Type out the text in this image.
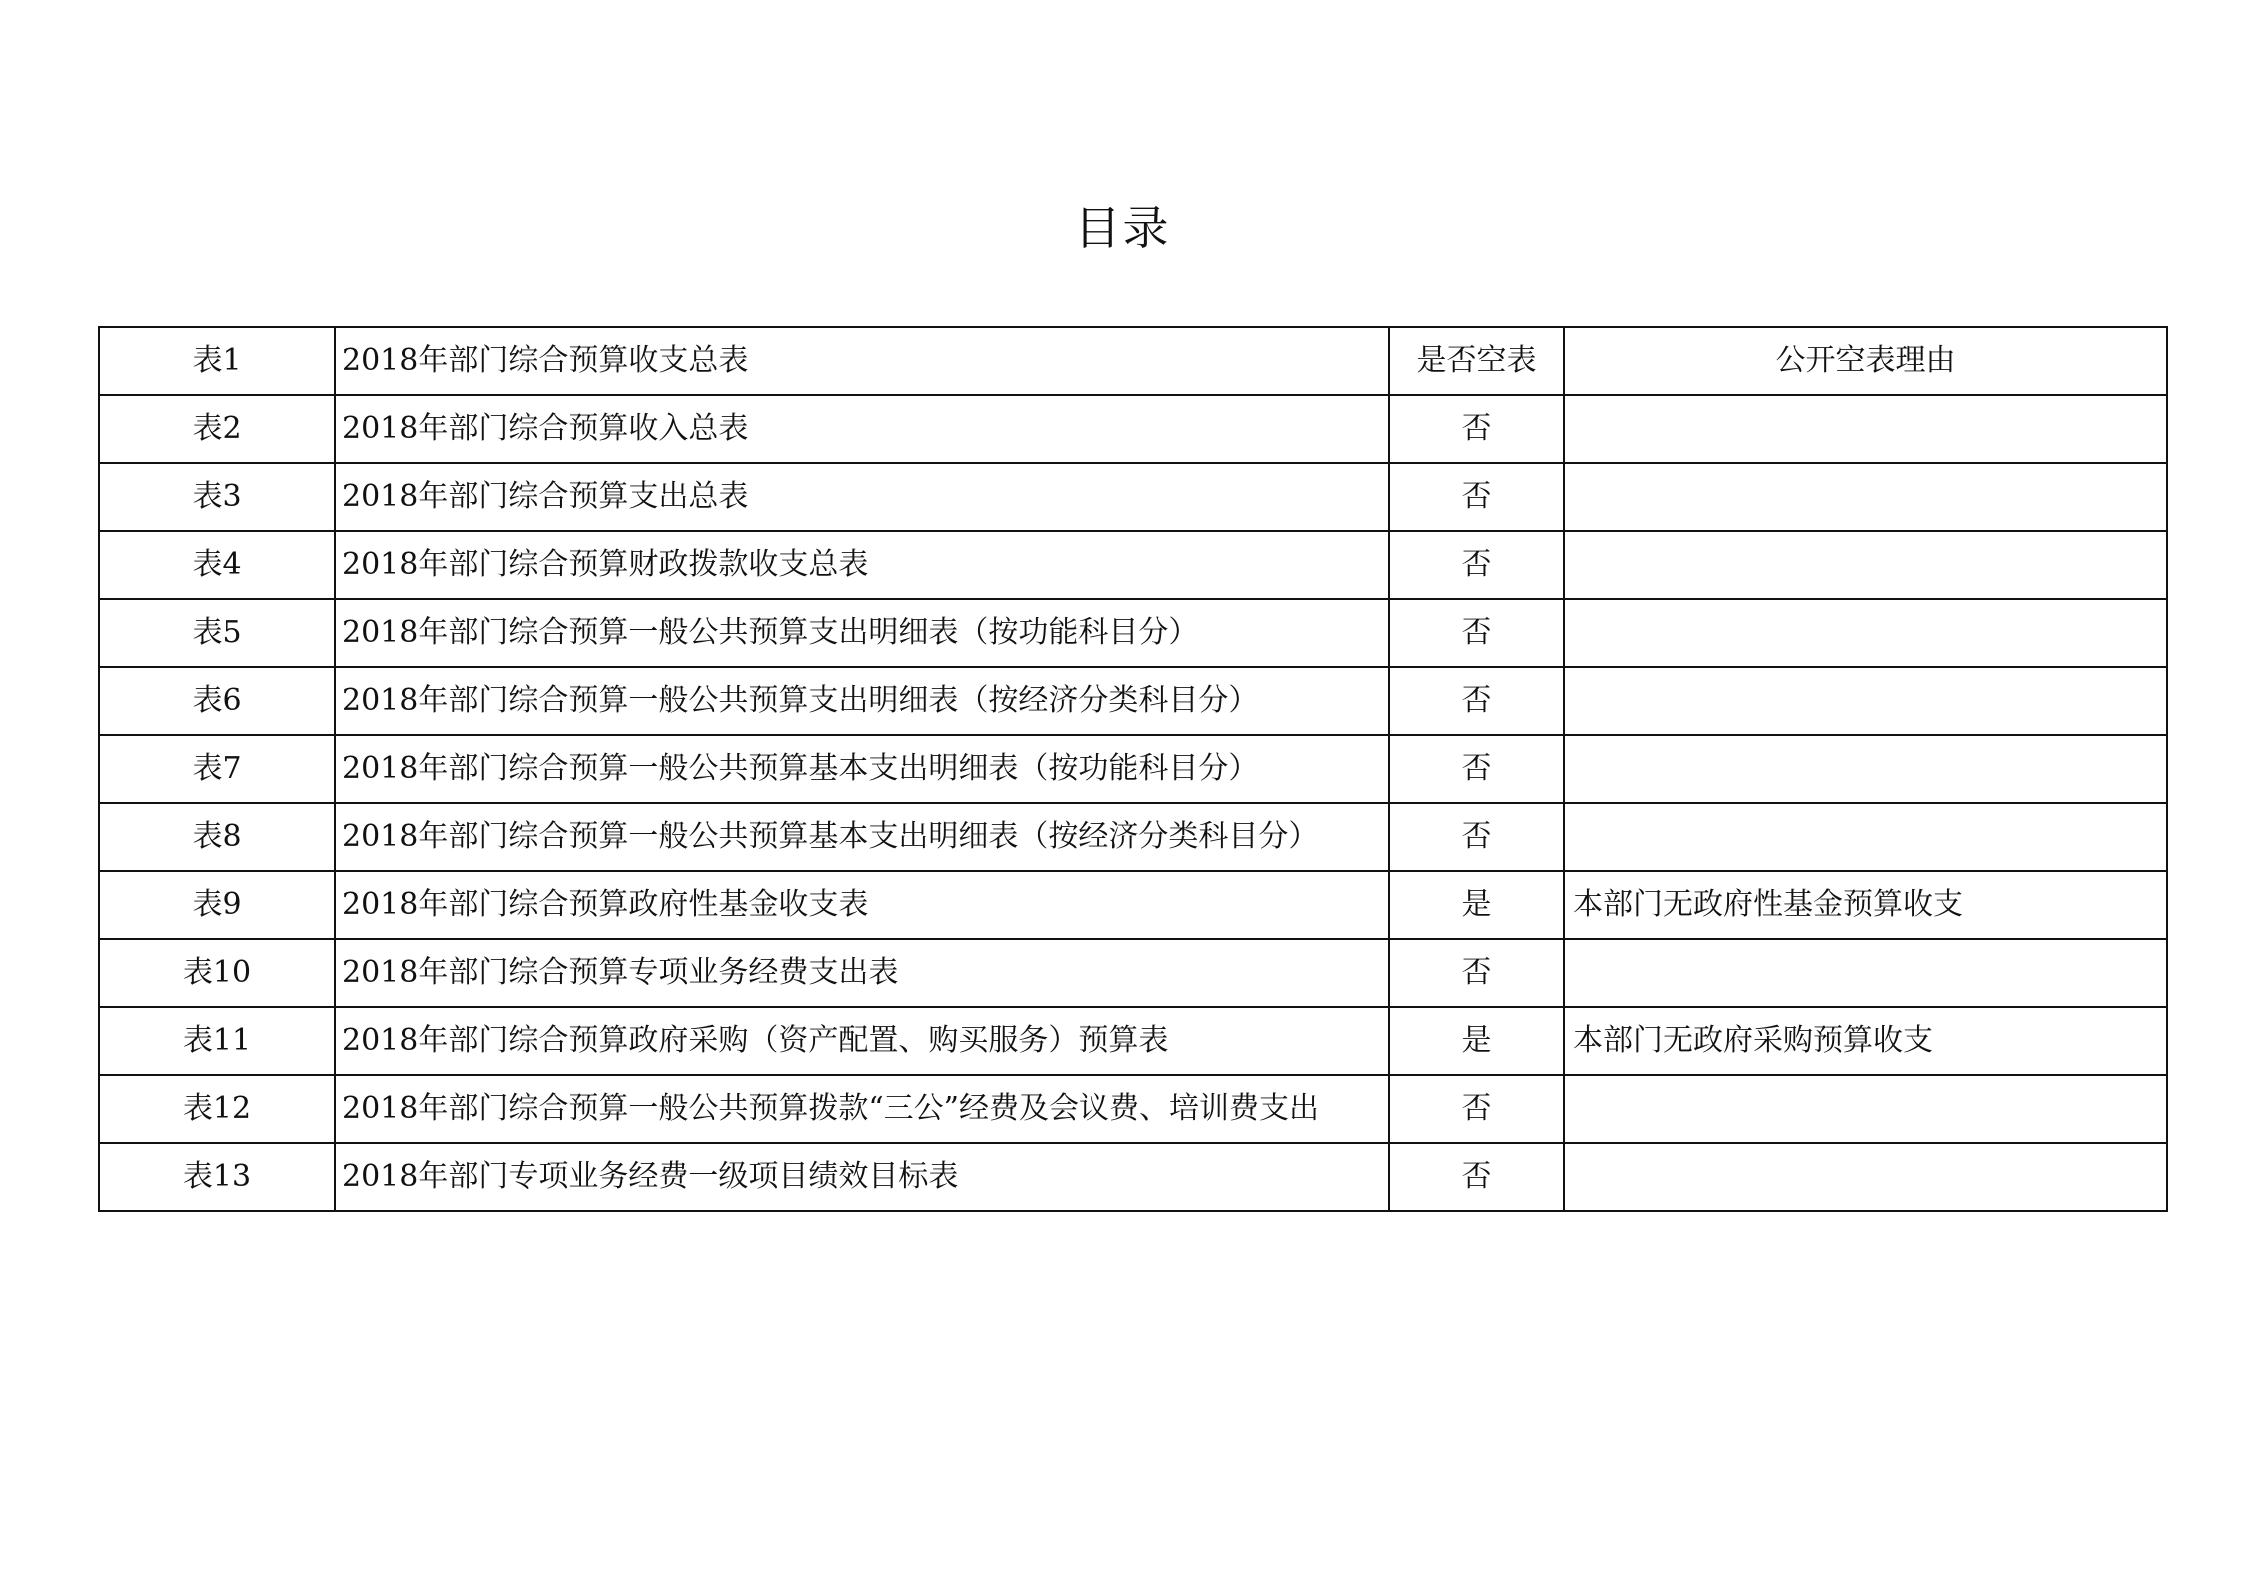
目录
表1	2018年部门综合预算收支总表	是否空表	公开空表理由
表2	2018年部门综合预算收入总表	否	
表3	2018年部门综合预算支出总表	否	
表4	2018年部门综合预算财政拨款收支总表	否	
表5	2018年部门综合预算一般公共预算支出明细表（按功能科目分）	否	
表6	2018年部门综合预算一般公共预算支出明细表（按经济分类科目分）	否	
表7	2018年部门综合预算一般公共预算基本支出明细表（按功能科目分）	否	
表8	2018年部门综合预算一般公共预算基本支出明细表（按经济分类科目分）	否	
表9	2018年部门综合预算政府性基金收支表	是	本部门无政府性基金预算收支
表10	2018年部门综合预算专项业务经费支出表	否	
表11	2018年部门综合预算政府采购（资产配置、购买服务）预算表	是	本部门无政府采购预算收支
表12	2018年部门综合预算一般公共预算拨款“三公”经费及会议费、培训费支出	否	
表13	2018年部门专项业务经费一级项目绩效目标表	否	
